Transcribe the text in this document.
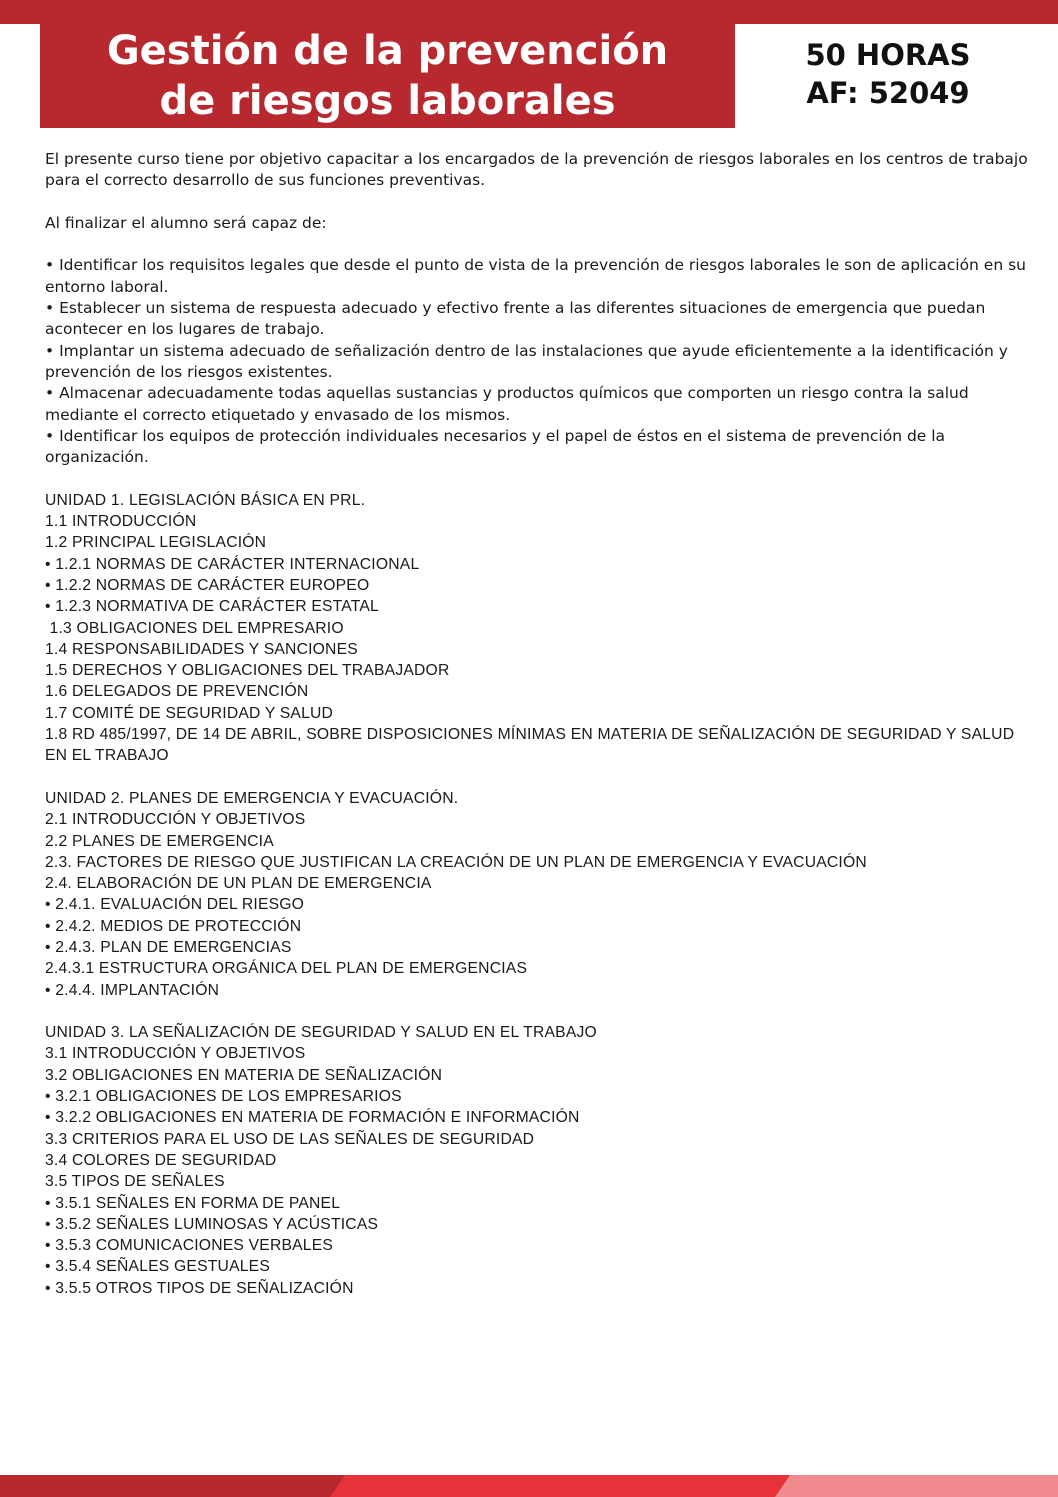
Gestión de la prevención de riesgos laborales
50 HORAS
AF: 52049

El presente curso tiene por objetivo capacitar a los encargados de la prevención de riesgos laborales en los centros de trabajo para el correcto desarrollo de sus funciones preventivas.

Al finalizar el alumno será capaz de:

• Identificar los requisitos legales que desde el punto de vista de la prevención de riesgos laborales le son de aplicación en su entorno laboral.
• Establecer un sistema de respuesta adecuado y efectivo frente a las diferentes situaciones de emergencia que puedan acontecer en los lugares de trabajo.
• Implantar un sistema adecuado de señalización dentro de las instalaciones que ayude eficientemente a la identificación y prevención de los riesgos existentes.
• Almacenar adecuadamente todas aquellas sustancias y productos químicos que comporten un riesgo contra la salud mediante el correcto etiquetado y envasado de los mismos.
• Identificar los equipos de protección individuales necesarios y el papel de éstos en el sistema de prevención de la organización.
UNIDAD 1. LEGISLACIÓN BÁSICA EN PRL.
1.1 INTRODUCCIÓN
1.2 PRINCIPAL LEGISLACIÓN
• 1.2.1 NORMAS DE CARÁCTER INTERNACIONAL
• 1.2.2 NORMAS DE CARÁCTER EUROPEO
• 1.2.3 NORMATIVA DE CARÁCTER ESTATAL
1.3 OBLIGACIONES DEL EMPRESARIO
1.4 RESPONSABILIDADES Y SANCIONES
1.5 DERECHOS Y OBLIGACIONES DEL TRABAJADOR
1.6 DELEGADOS DE PREVENCIÓN
1.7 COMITÉ DE SEGURIDAD Y SALUD
1.8 RD 485/1997, DE 14 DE ABRIL, SOBRE DISPOSICIONES MÍNIMAS EN MATERIA DE SEÑALIZACIÓN DE SEGURIDAD Y SALUD EN EL TRABAJO
UNIDAD 2. PLANES DE EMERGENCIA Y EVACUACIÓN.
2.1 INTRODUCCIÓN Y OBJETIVOS
2.2 PLANES DE EMERGENCIA
2.3. FACTORES DE RIESGO QUE JUSTIFICAN LA CREACIÓN DE UN PLAN DE EMERGENCIA Y EVACUACIÓN
2.4. ELABORACIÓN DE UN PLAN DE EMERGENCIA
• 2.4.1. EVALUACIÓN DEL RIESGO
• 2.4.2. MEDIOS DE PROTECCIÓN
• 2.4.3. PLAN DE EMERGENCIAS
2.4.3.1 ESTRUCTURA ORGÁNICA DEL PLAN DE EMERGENCIAS
• 2.4.4. IMPLANTACIÓN
UNIDAD 3. LA SEÑALIZACIÓN DE SEGURIDAD Y SALUD EN EL TRABAJO
3.1 INTRODUCCIÓN Y OBJETIVOS
3.2 OBLIGACIONES EN MATERIA DE SEÑALIZACIÓN
• 3.2.1 OBLIGACIONES DE LOS EMPRESARIOS
• 3.2.2 OBLIGACIONES EN MATERIA DE FORMACIÓN E INFORMACIÓN
3.3 CRITERIOS PARA EL USO DE LAS SEÑALES DE SEGURIDAD
3.4 COLORES DE SEGURIDAD
3.5 TIPOS DE SEÑALES
• 3.5.1 SEÑALES EN FORMA DE PANEL
• 3.5.2 SEÑALES LUMINOSAS Y ACÚSTICAS
• 3.5.3 COMUNICACIONES VERBALES
• 3.5.4 SEÑALES GESTUALES
• 3.5.5 OTROS TIPOS DE SEÑALIZACIÓN
